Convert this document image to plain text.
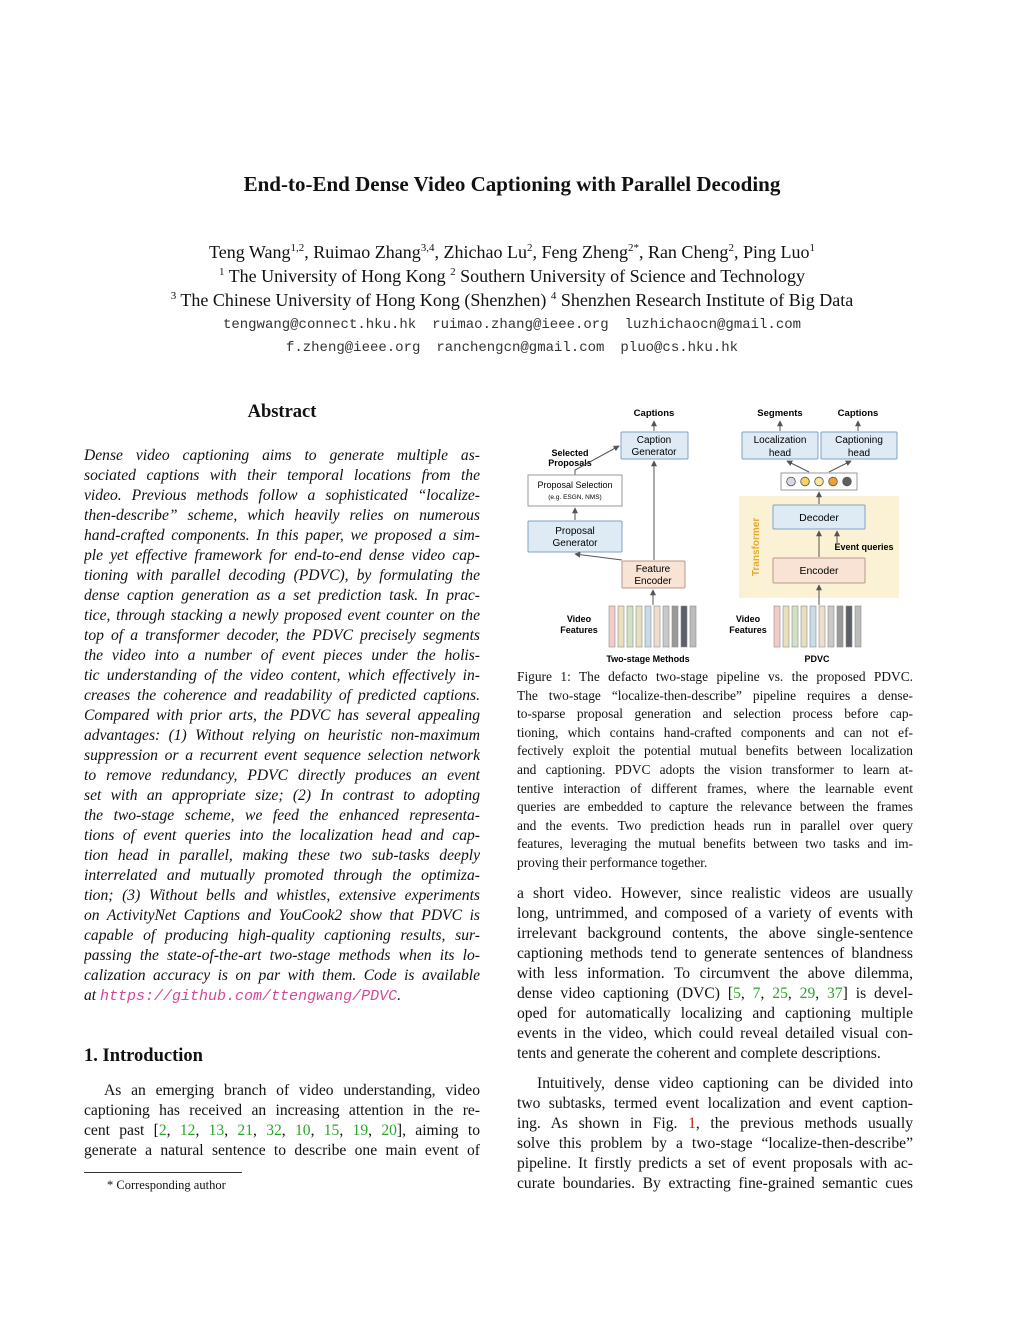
End-to-End Dense Video Captioning with Parallel Decoding
Teng Wang$^{1,2}$, Ruimao Zhang$^{3,4}$, Zhichao Lu$^2$, Feng Zheng$^{2*}$, Ran Cheng$^2$, Ping Luo$^1$
$^1$ The University of Hong Kong $^2$ Southern University of Science and Technology
$^3$ The Chinese University of Hong Kong (Shenzhen) $^4$ Shenzhen Research Institute of Big Data
tengwang@connect.hku.hk ruimao.zhang@ieee.org luzhichaocn@gmail.com
f.zheng@ieee.org ranchengcn@gmail.com pluo@cs.hku.hk
Abstract
Dense video captioning aims to generate multiple as-
sociated captions with their temporal locations from the
video. Previous methods follow a sophisticated “localize-
then-describe” scheme, which heavily relies on numerous
hand-crafted components. In this paper, we proposed a sim-
ple yet effective framework for end-to-end dense video cap-
tioning with parallel decoding (PDVC), by formulating the
dense caption generation as a set prediction task. In prac-
tice, through stacking a newly proposed event counter on the
top of a transformer decoder, the PDVC precisely segments
the video into a number of event pieces under the holis-
tic understanding of the video content, which effectively in-
creases the coherence and readability of predicted captions.
Compared with prior arts, the PDVC has several appealing
advantages: (1) Without relying on heuristic non-maximum
suppression or a recurrent event sequence selection network
to remove redundancy, PDVC directly produces an event
set with an appropriate size; (2) In contrast to adopting
the two-stage scheme, we feed the enhanced representa-
tions of event queries into the localization head and cap-
tion head in parallel, making these two sub-tasks deeply
interrelated and mutually promoted through the optimiza-
tion; (3) Without bells and whistles, extensive experiments
on ActivityNet Captions and YouCook2 show that PDVC is
capable of producing high-quality captioning results, sur-
passing the state-of-the-art two-stage methods when its lo-
calization accuracy is on par with them. Code is available
at https://github.com/ttengwang/PDVC.
1. Introduction
As an emerging branch of video understanding, video
captioning has received an increasing attention in the re-
cent past [2, 12, 13, 21, 32, 10, 15, 19, 20], aiming to
generate a natural sentence to describe one main event of
* Corresponding author
Captions
Caption
Generator
Selected
Proposals
Proposal Selection
(e.g. ESGN, NMS)
Proposal
Generator
Feature
Encoder
Video
Features
Two-stage Methods
Segments	Captions
Localization
head
Captioning
head
Transformer	Decoder
Event queries
Encoder
Video
Features
PDVC
Figure 1: The defacto two-stage pipeline vs. the proposed PDVC.
The two-stage “localize-then-describe” pipeline requires a dense-
to-sparse proposal generation and selection process before cap-
tioning, which contains hand-crafted components and can not ef-
fectively exploit the potential mutual benefits between localization
and captioning. PDVC adopts the vision transformer to learn at-
tentive interaction of different frames, where the learnable event
queries are embedded to capture the relevance between the frames
and the events. Two prediction heads run in parallel over query
features, leveraging the mutual benefits between two tasks and im-
proving their performance together.
a short video. However, since realistic videos are usually
long, untrimmed, and composed of a variety of events with
irrelevant background contents, the above single-sentence
captioning methods tend to generate sentences of blandness
with less information. To circumvent the above dilemma,
dense video captioning (DVC) [5, 7, 25, 29, 37] is devel-
oped for automatically localizing and captioning multiple
events in the video, which could reveal detailed visual con-
tents and generate the coherent and complete descriptions.
Intuitively, dense video captioning can be divided into
two subtasks, termed event localization and event caption-
ing. As shown in Fig. 1, the previous methods usually
solve this problem by a two-stage “localize-then-describe”
pipeline. It firstly predicts a set of event proposals with ac-
curate boundaries. By extracting fine-grained semantic cues
